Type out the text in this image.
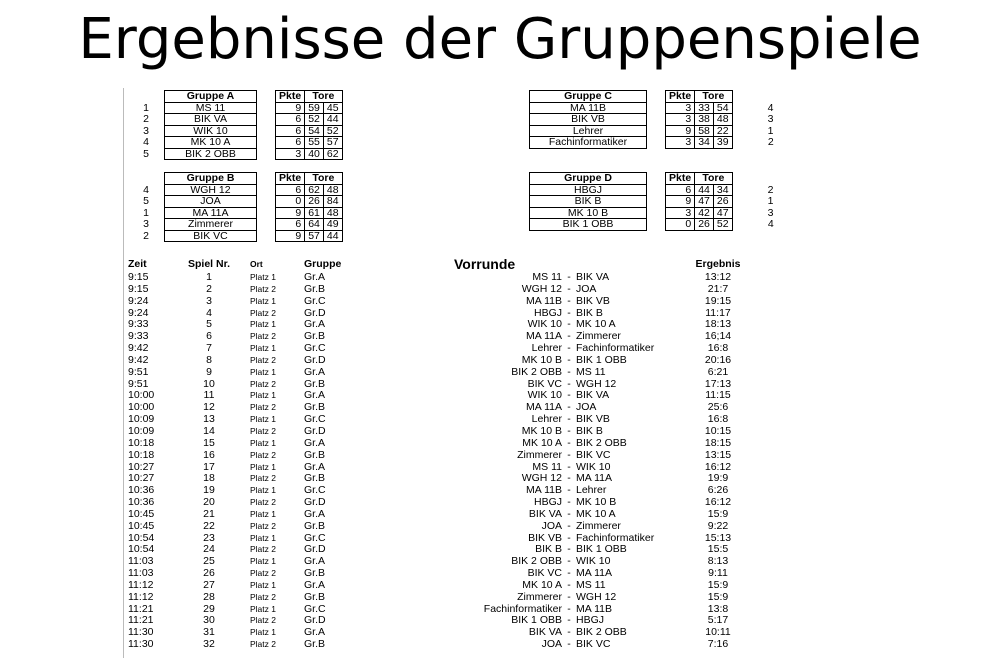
Ergebnisse der Gruppenspiele
	Gruppe A		Pkte	Tore	
1	MS 11		9	59	45
2	BIK VA		6	52	44
3	WIK 10		6	54	52
4	MK 10 A		6	55	57
5	BIK 2 OBB		3	40	62
	Gruppe B		Pkte	Tore	
4	WGH 12		6	62	48
5	JOA		0	26	84
1	MA 11A		9	61	48
3	Zimmerer		6	64	49
2	BIK VC		9	57	44
Gruppe C		Pkte	Tore		
MA 11B		3	33	54	4
BIK VB		3	38	48	3
Lehrer		9	58	22	1
Fachinformatiker		3	34	39	2
Gruppe D		Pkte	Tore		
HBGJ		6	44	34	2
BIK B		9	47	26	1
MK 10 B		3	42	47	3
BIK 1 OBB		0	26	52	4
Zeit	Spiel Nr.	Ort	Gruppe	Vorrunde			Ergebnis
9:15	1	Platz 1	Gr.A	MS 11	-	BIK VA	13:12
9:15	2	Platz 2	Gr.B	WGH 12	-	JOA	21:7
9:24	3	Platz 1	Gr.C	MA 11B	-	BIK VB	19:15
9:24	4	Platz 2	Gr.D	HBGJ	-	BIK B	11:17
9:33	5	Platz 1	Gr.A	WIK 10	-	MK 10 A	18:13
9:33	6	Platz 2	Gr.B	MA 11A	-	Zimmerer	16;14
9:42	7	Platz 1	Gr.C	Lehrer	-	Fachinformatiker	16:8
9:42	8	Platz 2	Gr.D	MK 10 B	-	BIK 1 OBB	20:16
9:51	9	Platz 1	Gr.A	BIK 2 OBB	-	MS 11	6:21
9:51	10	Platz 2	Gr.B	BIK VC	-	WGH 12	17:13
10:00	11	Platz 1	Gr.A	WIK 10	-	BIK VA	11:15
10:00	12	Platz 2	Gr.B	MA 11A	-	JOA	25:6
10:09	13	Platz 1	Gr.C	Lehrer	-	BIK VB	16:8
10:09	14	Platz 2	Gr.D	MK 10 B	-	BIK B	10:15
10:18	15	Platz 1	Gr.A	MK 10 A	-	BIK 2 OBB	18:15
10:18	16	Platz 2	Gr.B	Zimmerer	-	BIK VC	13:15
10:27	17	Platz 1	Gr.A	MS 11	-	WIK 10	16:12
10:27	18	Platz 2	Gr.B	WGH 12	-	MA 11A	19:9
10:36	19	Platz 1	Gr.C	MA 11B	-	Lehrer	6:26
10:36	20	Platz 2	Gr.D	HBGJ	-	MK 10 B	16:12
10:45	21	Platz 1	Gr.A	BIK VA	-	MK 10 A	15:9
10:45	22	Platz 2	Gr.B	JOA	-	Zimmerer	9:22
10:54	23	Platz 1	Gr.C	BIK VB	-	Fachinformatiker	15:13
10:54	24	Platz 2	Gr.D	BIK B	-	BIK 1 OBB	15:5
11:03	25	Platz 1	Gr.A	BIK 2 OBB	-	WIK 10	8:13
11:03	26	Platz 2	Gr.B	BIK VC	-	MA 11A	9:11
11:12	27	Platz 1	Gr.A	MK 10 A	-	MS 11	15:9
11:12	28	Platz 2	Gr.B	Zimmerer	-	WGH 12	15:9
11:21	29	Platz 1	Gr.C	Fachinformatiker	-	MA 11B	13:8
11:21	30	Platz 2	Gr.D	BIK 1 OBB	-	HBGJ	5:17
11:30	31	Platz 1	Gr.A	BIK VA	-	BIK 2 OBB	10:11
11:30	32	Platz 2	Gr.B	JOA	-	BIK VC	7:16
